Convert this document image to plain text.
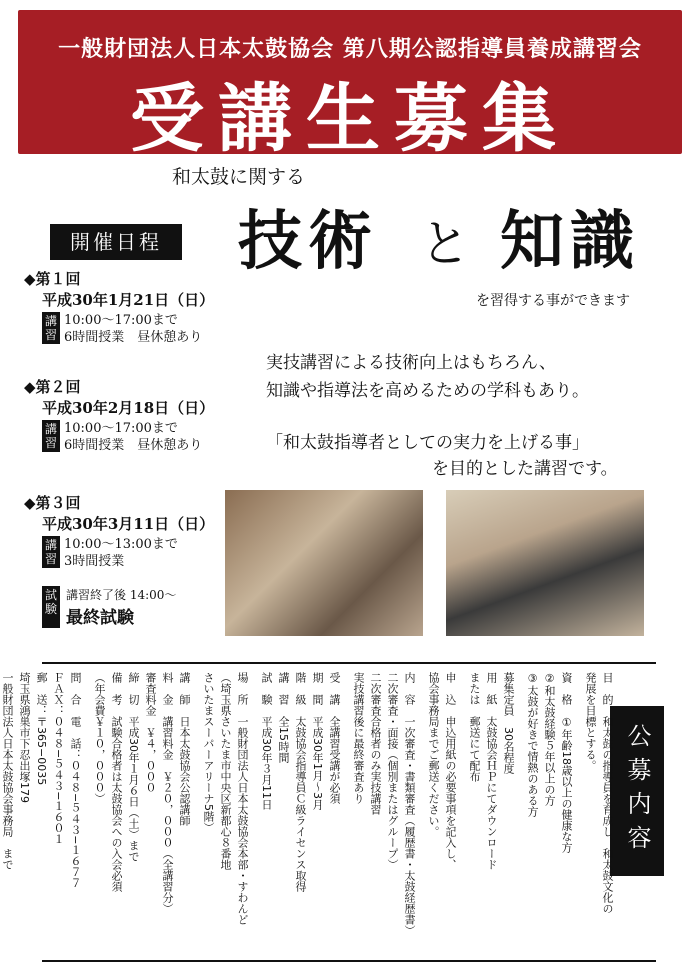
一般財団法人日本太鼓協会 第八期公認指導員養成講習会
受講生募集
和太鼓に関する
技術 と 知識
を習得する事ができます
開催日程
◆第１回
平成30年1月21日（日）
講習
10:00〜17:00まで
6時間授業　昼休憩あり
◆第２回
平成30年2月18日（日）
講習
10:00〜17:00まで
6時間授業　昼休憩あり
◆第３回
平成30年3月11日（日）
講習
10:00〜13:00まで
3時間授業
試験
講習終了後 14:00〜
最終試験
実技講習による技術向上はもちろん、
知識や指導法を高めるための学科もあり。
「和太鼓指導者としての実力を上げる事」
を目的とした講習です。
公募内容
目　的　和太鼓の指導員を育成し、和太鼓文化の
発展を目標とする。
資　格　①年齢18歳以上の健康な方
②和太鼓経験５年以上の方
③太鼓が好きで情熱のある方
募集定員　30名程度
用　紙　太鼓協会ＨＰにてダウンロード
または　郵送にて配布
申　込　申込用紙の必要事項を記入し、
協会事務局までご郵送ください。
内　容　一次審査・書類審査（履歴書・太鼓経歴書）
二次審査・面接（個別またはグループ）
二次審査合格者のみ実技講習
実技講習後に最終審査あり
受　講　全講習受講が必須
期　間　平成30年1月〜3月
階　級　太鼓協会指導員Ｃ級ライセンス取得
講　習　全15時間
試　験　平成30年３月11日
場　所　一般財団法人日本太鼓協会本部・すわんど
（埼玉県さいたま市中央区新都心８番地
さいたまスーパーアリーナ5階）
講　師　日本太鼓協会公認講師
料　金　講習料金　￥２０，０００（全講習分）
審査料金　￥４，０００
締　切　平成30年１月６日（土）まで
備　考　試験合格者は太鼓協会への入会必須
（年会費￥１０，０００）
問　合　電　話：０４８−５４３−１６７７
ＦＡＸ：０４８−５４３−１６０１
郵　送：〒365−0035
埼玉県鴻巣市下忍出塚179
一般財団法人日本太鼓協会事務局　まで
